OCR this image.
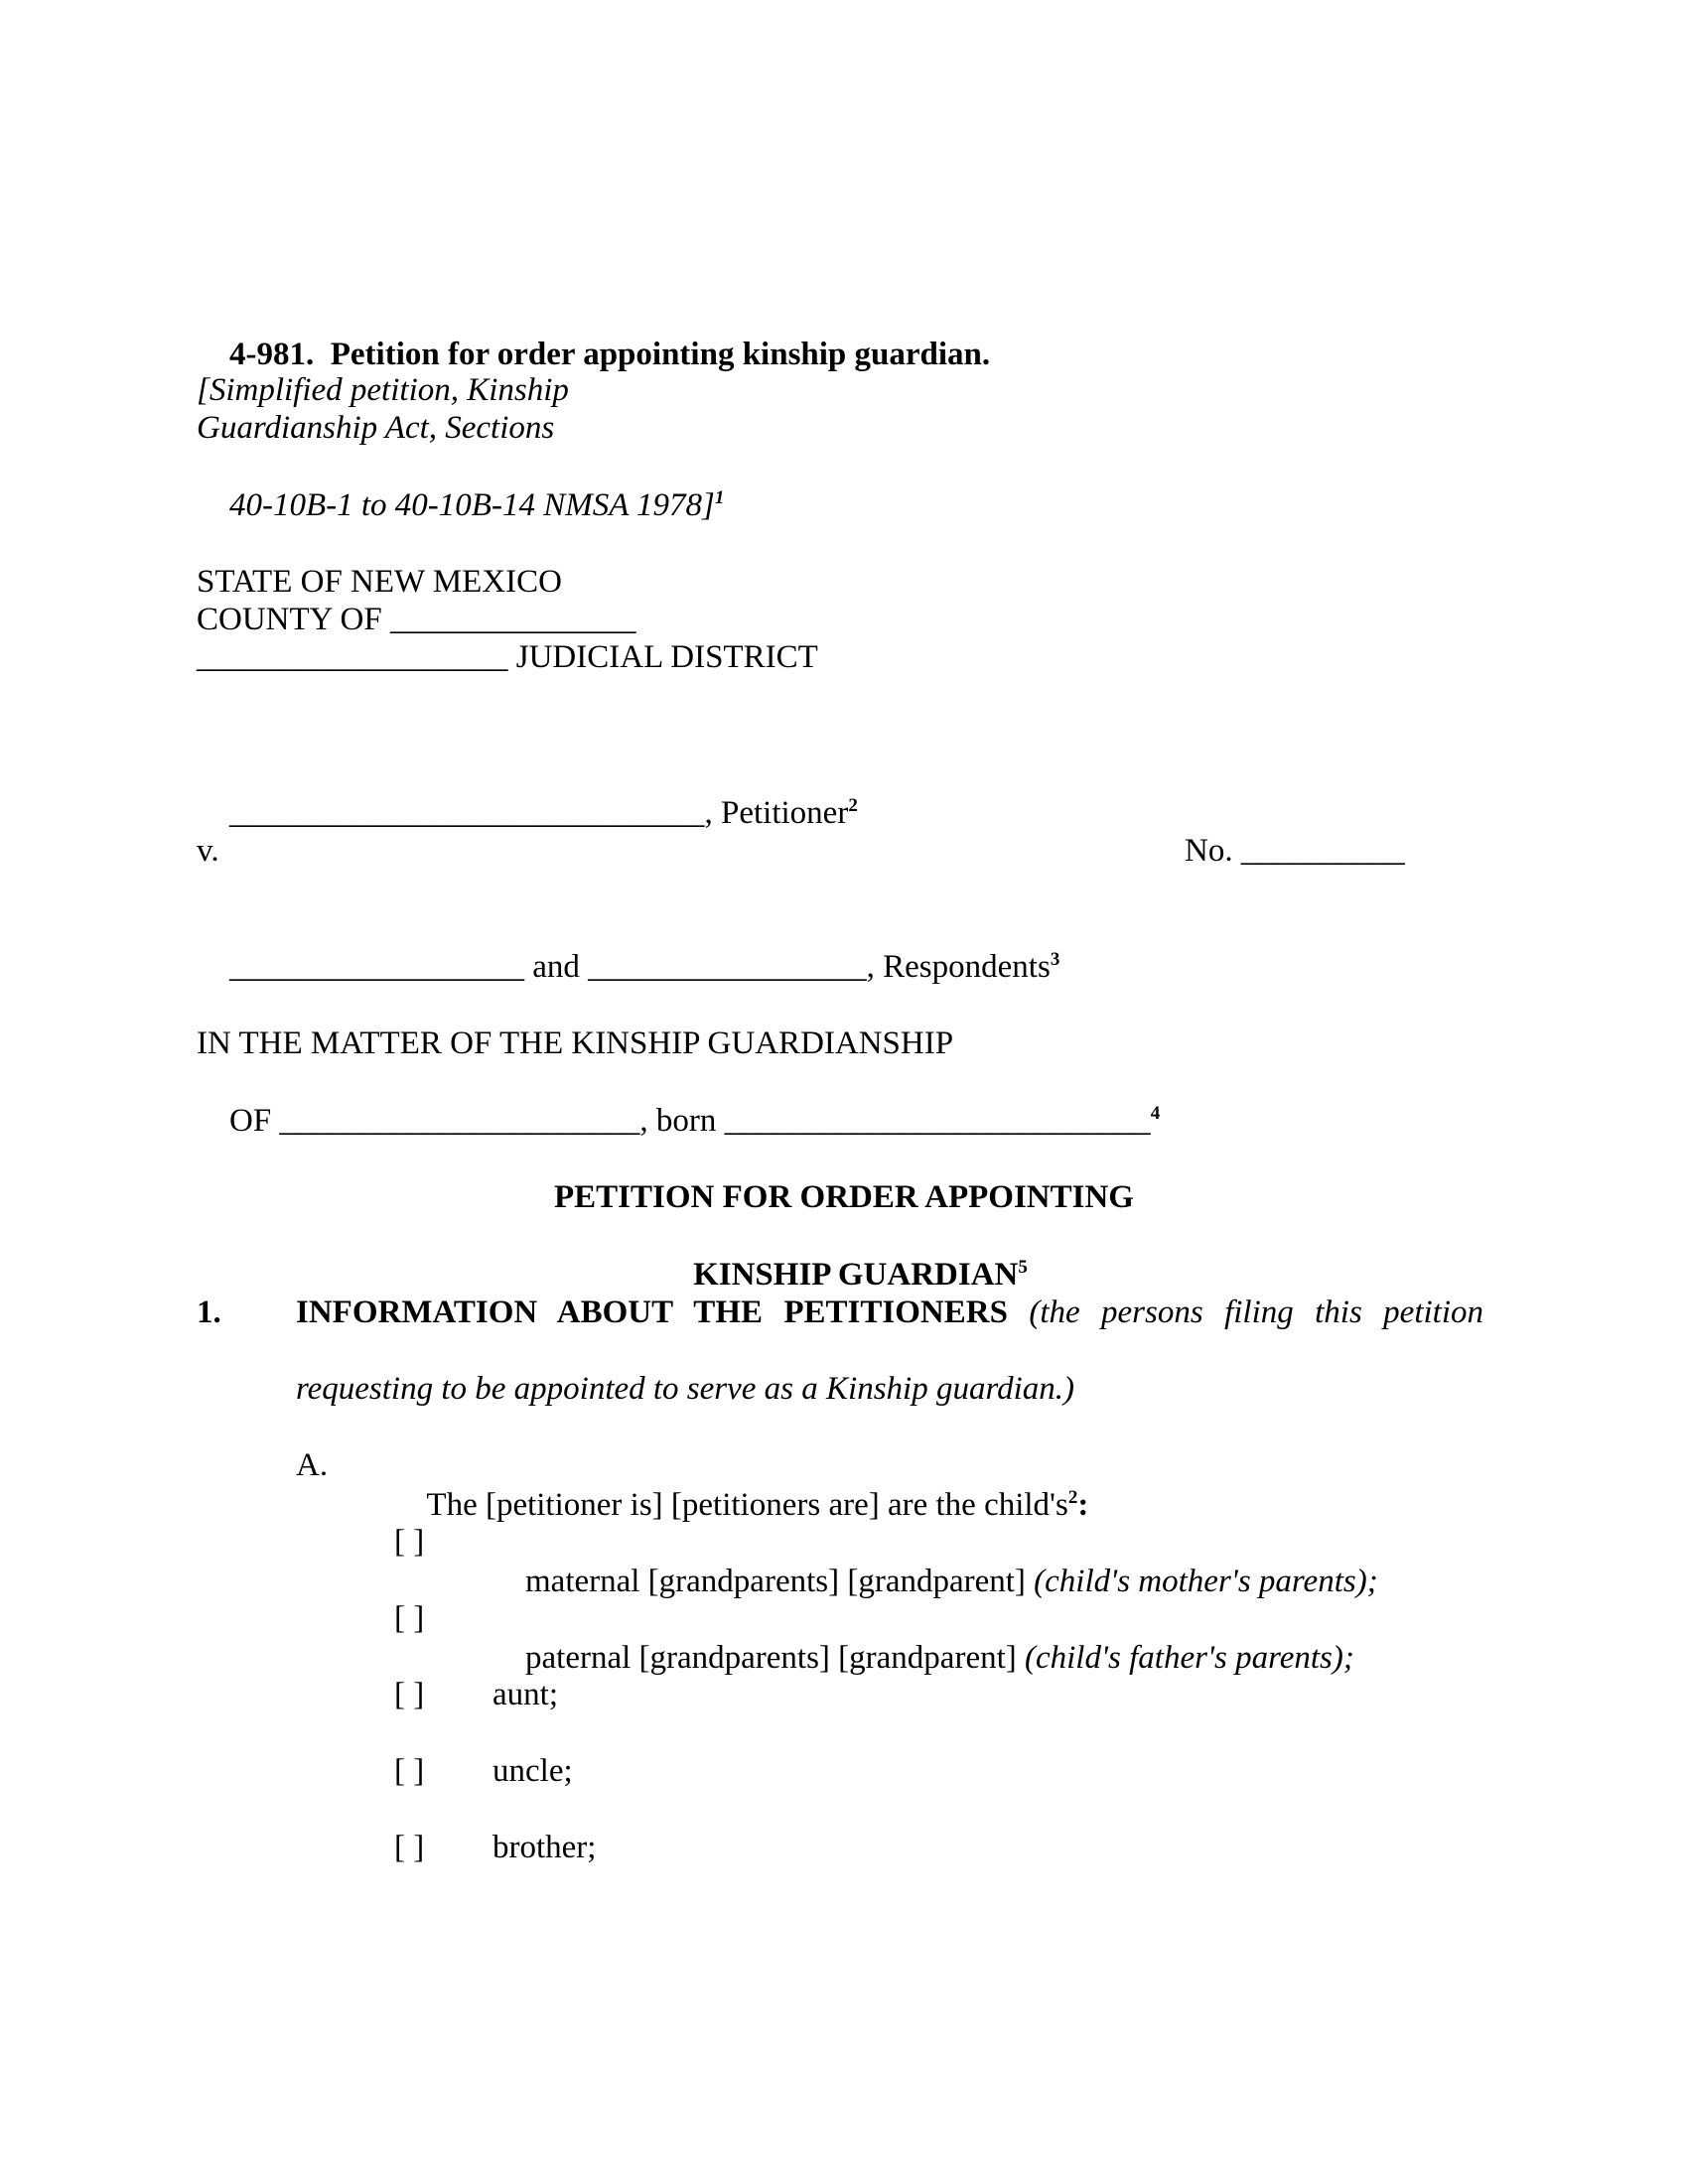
4-981.  Petition for order appointing kinship guardian.

[Simplified petition, Kinship
Guardianship Act, Sections

40-10B-1 to 40-10B-14 NMSA 1978]$^1$

STATE OF NEW MEXICO
COUNTY OF _______________
___________________ JUDICIAL DISTRICT

_____________________________, Petitioner$^2$

v.	No. __________

__________________ and _________________, Respondents$^3$

IN THE MATTER OF THE KINSHIP GUARDIANSHIP

OF ______________________, born __________________________$^4$

PETITION FOR ORDER APPOINTING

KINSHIP GUARDIAN$^5$

1. INFORMATION ABOUT THE PETITIONERS (the persons filing this petition
requesting to be appointed to serve as a Kinship guardian.)
A.

The [petitioner is] [petitioners are] are the $child's^2$:

[ ]

maternal [grandparents] [grandparent] (child's mother's parents);

[ ]

paternal [grandparents] [grandparent] (child's father's parents);

[ ] aunt;
[ ] uncle;
[ ] brother;
